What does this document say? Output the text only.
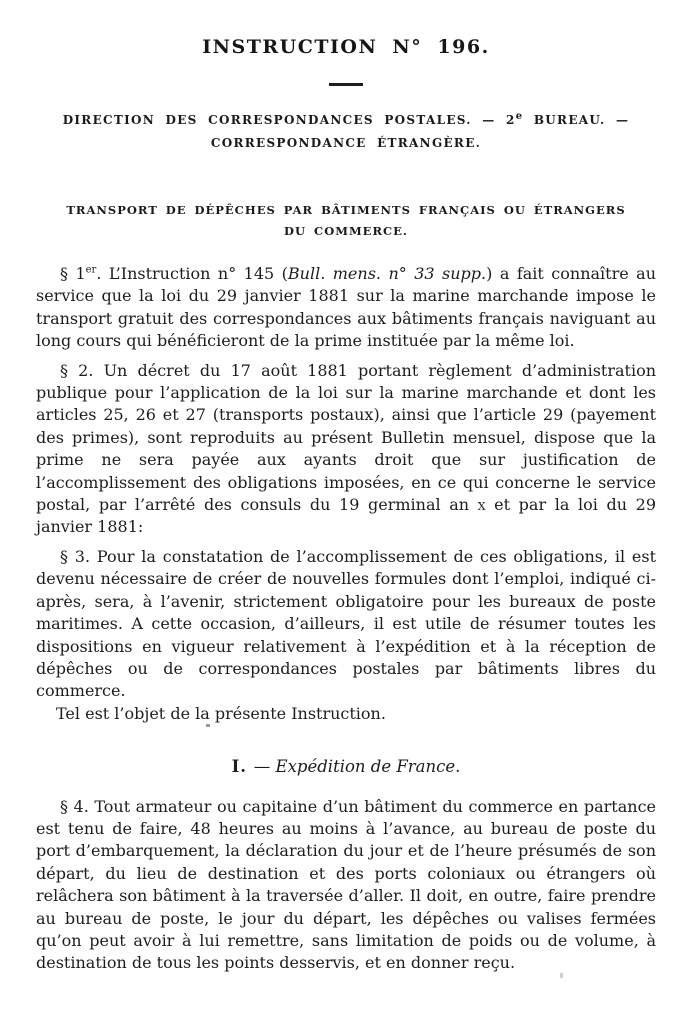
INSTRUCTION N° 196.

DIRECTION DES CORRESPONDANCES POSTALES. — 2e BUREAU. —
CORRESPONDANCE ÉTRANGÈRE.

TRANSPORT DE DÉPÊCHES PAR BÂTIMENTS FRANÇAIS OU ÉTRANGERS
DU COMMERCE.

§ 1er. L’Instruction n° 145 (Bull. mens. n° 33 supp.) a fait connaître au service que la loi du 29 janvier 1881 sur la marine marchande impose le transport gratuit des correspondances aux bâtiments français naviguant au long cours qui bénéficieront de la prime instituée par la même loi.

§ 2. Un décret du 17 août 1881 portant règlement d’administration publique pour l’application de la loi sur la marine marchande et dont les articles 25, 26 et 27 (transports postaux), ainsi que l’article 29 (payement des primes), sont reproduits au présent Bulletin mensuel, dispose que la prime ne sera payée aux ayants droit que sur justification de l’accomplissement des obligations imposées, en ce qui concerne le service postal, par l’arrêté des consuls du 19 germinal an x et par la loi du 29 janvier 1881:

§ 3. Pour la constatation de l’accomplissement de ces obligations, il est devenu nécessaire de créer de nouvelles formules dont l’emploi, indiqué ci-après, sera, à l’avenir, strictement obligatoire pour les bureaux de poste maritimes. A cette occasion, d’ailleurs, il est utile de résumer toutes les dispositions en vigueur relativement à l’expédition et à la réception de dépêches ou de correspondances postales par bâtiments libres du commerce.

Tel est l’objet de la présente Instruction.

I. — Expédition de France.

§ 4. Tout armateur ou capitaine d’un bâtiment du commerce en partance est tenu de faire, 48 heures au moins à l’avance, au bureau de poste du port d’embarquement, la déclaration du jour et de l’heure présumés de son départ, du lieu de destination et des ports coloniaux ou étrangers où relâchera son bâtiment à la traversée d’aller. Il doit, en outre, faire prendre au bureau de poste, le jour du départ, les dépêches ou valises fermées qu’on peut avoir à lui remettre, sans limitation de poids ou de volume, à destination de tous les points desservis, et en donner reçu.
